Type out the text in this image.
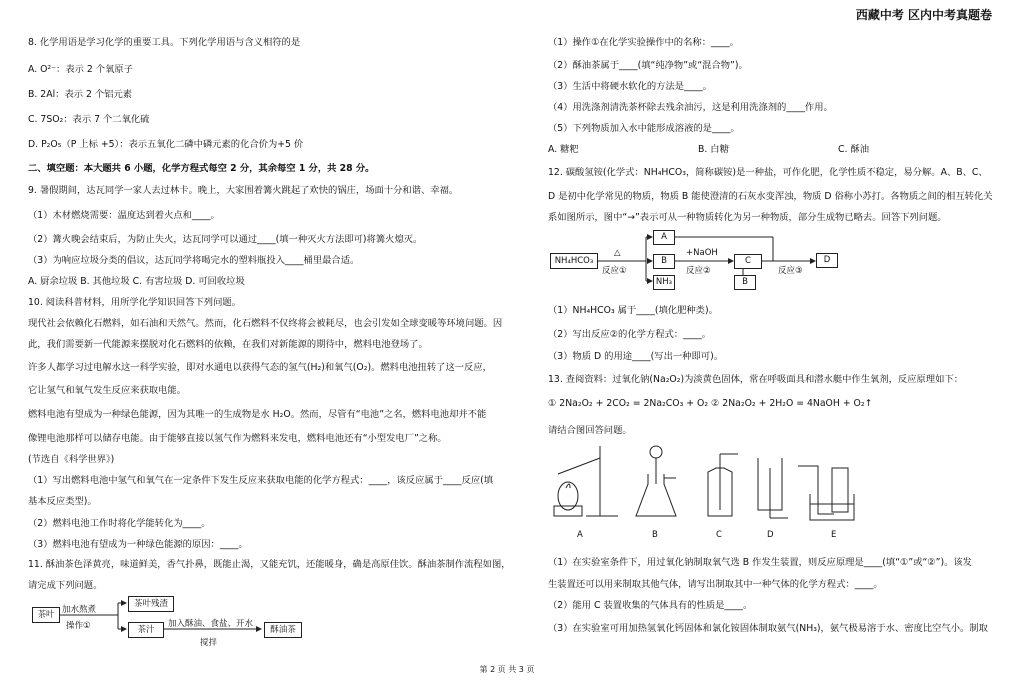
西藏中考 区内中考真题卷
8. 化学用语是学习化学的重要工具。下列化学用语与含义相符的是
A. O²⁻：表示 2 个氧原子
B. 2Al：表示 2 个铝元素
C. 7SO₂：表示 7 个二氧化硫
D. P₂O₅（P 上标 +5）：表示五氧化二磷中磷元素的化合价为+5 价
二、填空题：本大题共 6 小题，化学方程式每空 2 分，其余每空 1 分，共 28 分。
9. 暑假期间，达瓦同学一家人去过林卡。晚上，大家围着篝火跳起了欢快的锅庄，场面十分和谐、幸福。
（1）木材燃烧需要：温度达到着火点和____。
（2）篝火晚会结束后，为防止失火，达瓦同学可以通过____(填一种灭火方法即可)将篝火熄灭。
（3）为响应垃圾分类的倡议，达瓦同学将喝完水的塑料瓶投入____桶里最合适。
A. 厨余垃圾 B. 其他垃圾 C. 有害垃圾 D. 可回收垃圾
10. 阅读科普材料，用所学化学知识回答下列问题。
现代社会依赖化石燃料，如石油和天然气。然而，化石燃料不仅终将会被耗尽，也会引发如全球变暖等环境问题。因
此，我们需要新一代能源来摆脱对化石燃料的依赖，在我们对新能源的期待中，燃料电池登场了。
许多人都学习过电解水这一科学实验，即对水通电以获得气态的氢气(H₂)和氧气(O₂)。燃料电池扭转了这一反应，
它让氢气和氧气发生反应来获取电能。
燃料电池有望成为一种绿色能源，因为其唯一的生成物是水 H₂O。然而，尽管有“电池”之名，燃料电池却并不能
像锂电池那样可以储存电能。由于能够直接以氢气作为燃料来发电，燃料电池还有“小型发电厂”之称。
(节选自《科学世界》)
（1）写出燃料电池中氢气和氧气在一定条件下发生反应来获取电能的化学方程式：____，该反应属于____反应(填
基本反应类型)。
（2）燃料电池工作时将化学能转化为____。
（3）燃料电池有望成为一种绿色能源的原因：____。
11. 酥油茶色泽黄亮，味道鲜美，香气扑鼻，既能止渴，又能充饥，还能暖身，确是高原佳饮。酥油茶制作流程如图，
请完成下列问题。
茶叶 加水熬煮
操作①
茶叶残渣
茶汁
加入酥油、食盐、开水
搅拌
酥油茶
（1）操作①在化学实验操作中的名称：____。
（2）酥油茶属于____(填“纯净物”或“混合物”)。
（3）生活中将硬水软化的方法是____。
（4）用洗涤剂清洗茶杯除去残余油污，这是利用洗涤剂的____作用。
（5）下列物质加入水中能形成溶液的是____。
A. 糖粑	B. 白糖	C. 酥油
12. 碳酸氢铵(化学式：NH₄HCO₃，简称碳铵)是一种盐，可作化肥，化学性质不稳定，易分解。A、B、C、
D 是初中化学常见的物质，物质 B 能使澄清的石灰水变浑浊，物质 D 俗称小苏打。各物质之间的相互转化关
系如图所示，图中“→”表示可从一种物质转化为另一种物质，部分生成物已略去。回答下列问题。
（1）NH₄HCO₃ 属于____(填化肥种类)。
（2）写出反应②的化学方程式：____。
（3）物质 D 的用途____(写出一种即可)。
13. 查阅资料：过氧化钠(Na₂O₂)为淡黄色固体，常在呼吸面具和潜水艇中作生氧剂，反应原理如下：
① 2Na₂O₂ + 2CO₂ = 2Na₂CO₃ + O₂ ② 2Na₂O₂ + 2H₂O = 4NaOH + O₂↑
请结合图回答问题。
（1）在实验室条件下，用过氧化钠制取氧气选 B 作发生装置，则反应原理是____(填“①”或“②”)。该发
生装置还可以用来制取其他气体，请写出制取其中一种气体的化学方程式：____。
（2）能用 C 装置收集的气体具有的性质是____。
（3）在实验室可用加热氢氧化钙固体和氯化铵固体制取氨气(NH₃)，氨气极易溶于水、密度比空气小。制取
NH₄HCO₃
△
反应①
A
B
NH₃
+NaOH
反应②
C
B
反应③
D
A	B	C	D	E
第 2 页 共 3 页
